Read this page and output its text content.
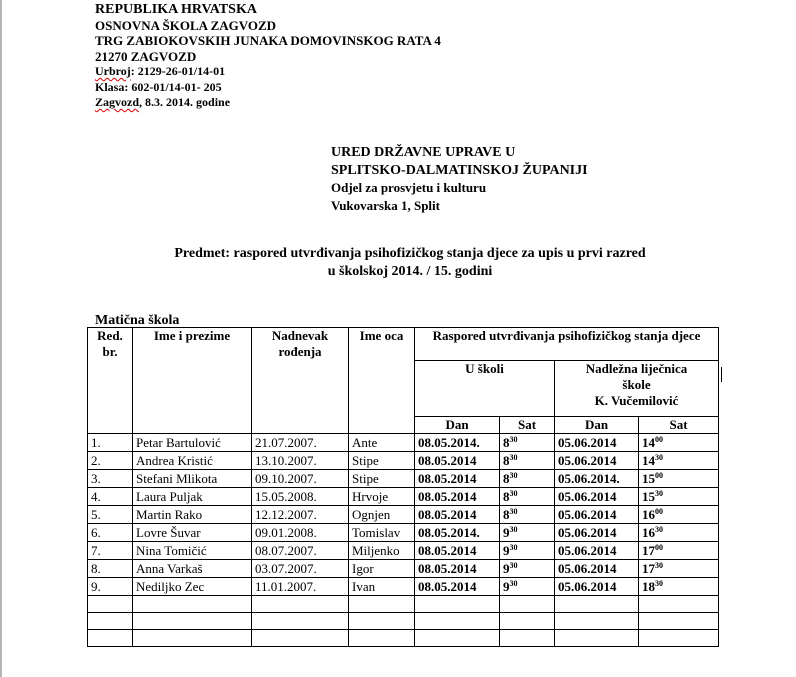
REPUBLIKA HRVATSKA
OSNOVNA ŠKOLA ZAGVOZD
TRG ZABIOKOVSKIH JUNAKA DOMOVINSKOG RATA 4
21270 ZAGVOZD
Urbroj: 2129-26-01/14-01
Klasa: 602-01/14-01- 205
Zagvozd, 8.3. 2014. godine
URED DRŽAVNE UPRAVE U
SPLITSKO-DALMATINSKOJ ŽUPANIJI
Odjel za prosvjetu i kulturu
Vukovarska 1, Split
Predmet: raspored utvrđivanja psihofizičkog stanja djece za upis u prvi razred
u školskoj 2014. / 15. godini
Matična škola
Red. br.	Ime i prezime	Nadnevak rođenja	Ime oca	Raspored utvrđivanja psihofizičkog stanja djece			
				U školi		Nadležna liječnica
škole
K. Vučemilović	

				Dan	Sat	Dan	Sat
1.	Petar Bartulović	21.07.2007.	Ante	08.05.2014.	$8^{30}$	05.06.2014	$14^{00}$
2.	Andrea Kristić	13.10.2007.	Stipe	08.05.2014	$8^{30}$	05.06.2014	$14^{30}$
3.	Stefani Mlikota	09.10.2007.	Stipe	08.05.2014	$8^{30}$	05.06.2014.	$15^{00}$
4.	Laura Puljak	15.05.2008.	Hrvoje	08.05.2014	$8^{30}$	05.06.2014	$15^{30}$
5.	Martin Rako	12.12.2007.	Ognjen	08.05.2014	$8^{30}$	05.06.2014	$16^{00}$
6.	Lovre Šuvar	09.01.2008.	Tomislav	08.05.2014.	$9^{30}$	05.06.2014	$16^{30}$
7.	Nina Tomičić	08.07.2007.	Miljenko	08.05.2014	$9^{30}$	05.06.2014	$17^{00}$
8.	Anna Varkaš	03.07.2007.	Igor	08.05.2014	$9^{30}$	05.06.2014	$17^{30}$
9.	Nediljko Zec	11.01.2007.	Ivan	08.05.2014	$9^{30}$	05.06.2014	$18^{30}$
